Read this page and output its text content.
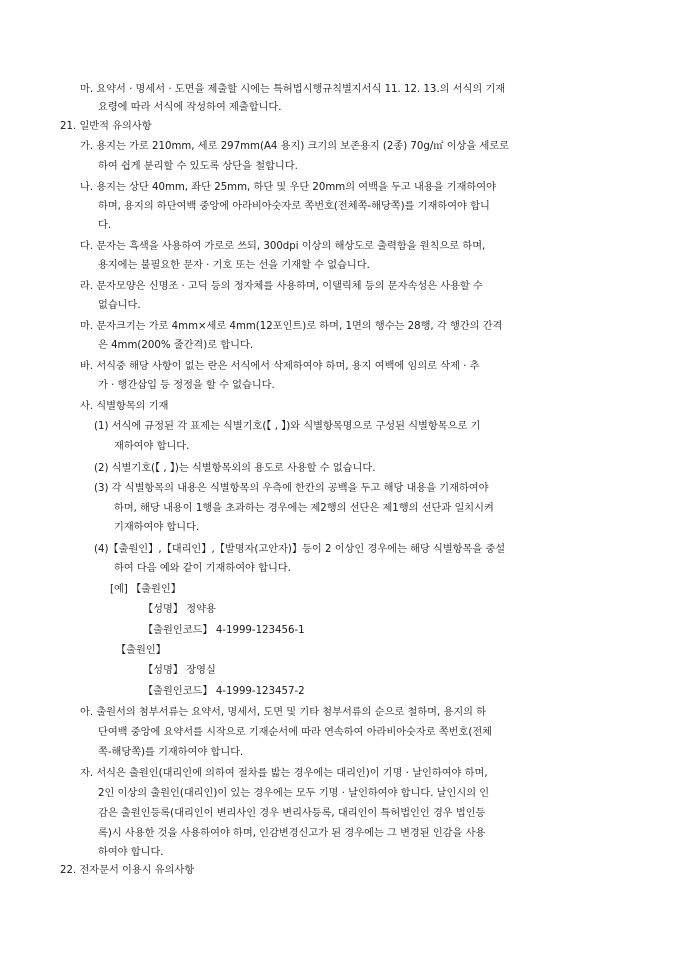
마. 요약서 · 명세서 · 도면을 제출할 시에는 특허법시행규칙별지서식 11. 12. 13.의 서식의 기재
요령에 따라 서식에 작성하여 제출합니다.
21. 일반적 유의사항
가. 용지는 가로 210mm, 세로 297mm(A4 용지) 크기의 보존용지 (2종) 70g/㎡ 이상을 세로로
하여 쉽게 분리할 수 있도록 상단을 철합니다.
나. 용지는 상단 40mm, 좌단 25mm, 하단 및 우단 20mm의 여백을 두고 내용을 기재하여야
하며, 용지의 하단여백 중앙에 아라비아숫자로 쪽번호(전체쪽-해당쪽)를 기재하여야 합니
다.
다. 문자는 흑색을 사용하여 가로로 쓰되, 300dpi 이상의 해상도로 출력함을 원칙으로 하며,
용지에는 불필요한 문자 · 기호 또는 선을 기재할 수 없습니다.
라. 문자모양은 신명조 · 고딕 등의 정자체를 사용하며, 이탤릭체 등의 문자속성은 사용할 수
없습니다.
마. 문자크기는 가로 4mm×세로 4mm(12포인트)로 하며, 1면의 행수는 28행, 각 행간의 간격
은 4mm(200% 줄간격)로 합니다.
바. 서식중 해당 사항이 없는 란은 서식에서 삭제하여야 하며, 용지 여백에 임의로 삭제 · 추
가 · 행간삽입 등 정정을 할 수 없습니다.
사. 식별항목의 기재
(1) 서식에 규정된 각 표제는 식별기호(【 , 】)와 식별항목명으로 구성된 식별항목으로 기
재하여야 합니다.
(2) 식별기호(【 , 】)는 식별항목외의 용도로 사용할 수 없습니다.
(3) 각 식별항목의 내용은 식별항목의 우측에 한칸의 공백을 두고 해당 내용을 기재하여야
하며, 해당 내용이 1행을 초과하는 경우에는 제2행의 선단은 제1행의 선단과 일치시켜
기재하여야 합니다.
(4)【출원인】,【대리인】,【발명자(고안자)】등이 2 이상인 경우에는 해당 식별항목을 중설
하여 다음 예와 같이 기재하여야 합니다.
[예] 【출원인】
【성명】 정약용
【출원인코드】 4-1999-123456-1
【출원인】
【성명】 장영실
【출원인코드】 4-1999-123457-2
아. 출원서의 첨부서류는 요약서, 명세서, 도면 및 기타 첨부서류의 순으로 철하며, 용지의 하
단여백 중앙에 요약서를 시작으로 기재순서에 따라 연속하여 아라비아숫자로 쪽번호(전체
쪽-해당쪽)를 기재하여야 합니다.
자. 서식은 출원인(대리인에 의하여 절차를 밟는 경우에는 대리인)이 기명 · 날인하여야 하며,
2인 이상의 출원인(대리인)이 있는 경우에는 모두 기명 · 날인하여야 합니다. 날인시의 인
감은 출원인등록(대리인이 변리사인 경우 변리사등록, 대리인이 특허법인인 경우 법인등
록)시 사용한 것을 사용하여야 하며, 인감변경신고가 된 경우에는 그 변경된 인감을 사용
하여야 합니다.
22. 전자문서 이용시 유의사항
